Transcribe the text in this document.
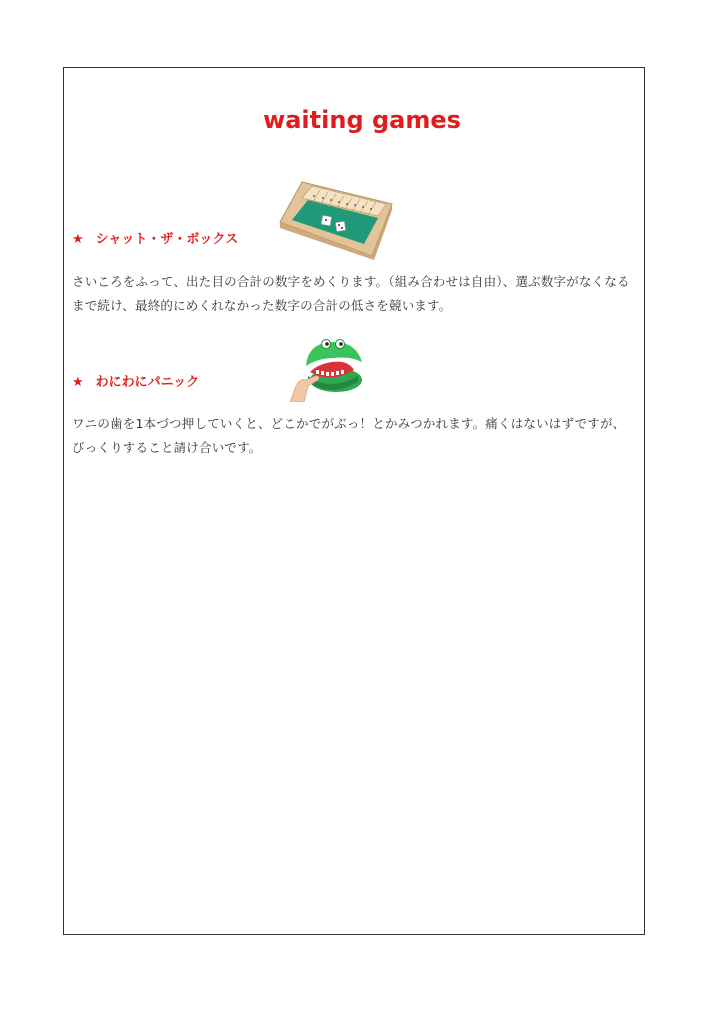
waiting games
★ シャット・ザ・ボックス

さいころをふって、出た目の合計の数字をめくります。（組み合わせは自由）、選ぶ数字がなくなるまで続け、最終的にめくれなかった数字の合計の低さを競います。

★ わにわにパニック

ワニの歯を1本づつ押していくと、どこかでがぶっ！とかみつかれます。痛くはないはずですが、びっくりすること請け合いです。
